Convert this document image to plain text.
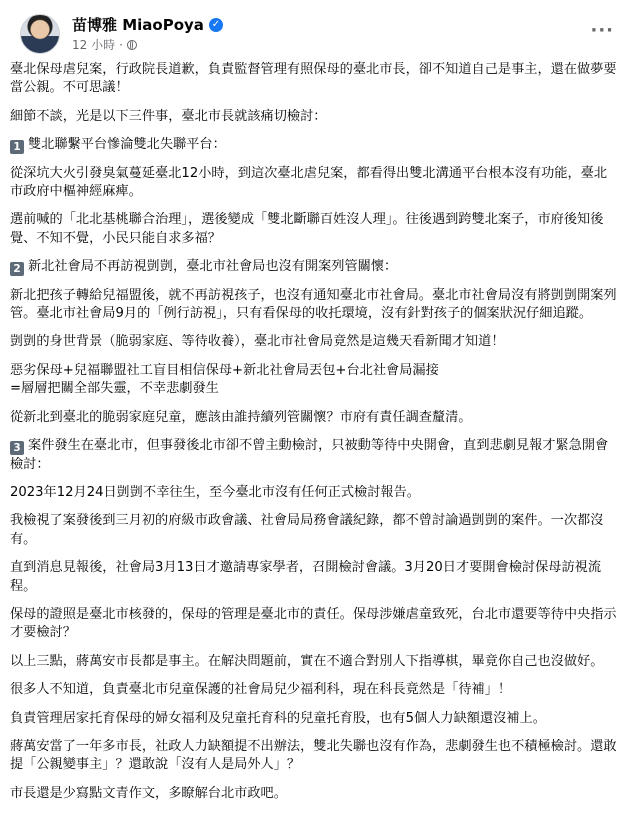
苗博雅 MiaoPoya ✓
12 小時 ·
···
臺北保母虐兒案，行政院長道歉，負責監督管理有照保母的臺北市長，卻不知道自己是事主，還在做夢要當公親。不可思議！
細節不談，光是以下三件事，臺北市長就該痛切檢討：
1 雙北聯繫平台慘淪雙北失聯平台：
從深坑大火引發臭氣蔓延臺北12小時，到這次臺北虐兒案，都看得出雙北溝通平台根本沒有功能，臺北市政府中樞神經麻痺。
選前喊的「北北基桃聯合治理」，選後變成「雙北斷聯百姓沒人理」。往後遇到跨雙北案子，市府後知後覺、不知不覺，小民只能自求多福？
2 新北社會局不再訪視剴剴，臺北市社會局也沒有開案列管關懷：
新北把孩子轉給兒福盟後，就不再訪視孩子，也沒有通知臺北市社會局。臺北市社會局沒有將剴剴開案列管。臺北市社會局9月的「例行訪視」，只有看保母的收托環境，沒有針對孩子的個案狀況仔細追蹤。
剴剴的身世背景（脆弱家庭、等待收養），臺北市社會局竟然是這幾天看新聞才知道！
惡劣保母+兒福聯盟社工盲目相信保母+新北社會局丟包+台北社會局漏接
=層層把關全部失靈，不幸悲劇發生
從新北到臺北的脆弱家庭兒童，應該由誰持續列管關懷？市府有責任調查釐清。
3 案件發生在臺北市，但事發後北市卻不曾主動檢討，只被動等待中央開會，直到悲劇見報才緊急開會檢討：
2023年12月24日剴剴不幸往生，至今臺北市沒有任何正式檢討報告。
我檢視了案發後到三月初的府級市政會議、社會局局務會議紀錄，都不曾討論過剴剴的案件。一次都沒有。
直到消息見報後，社會局3月13日才邀請專家學者，召開檢討會議。3月20日才要開會檢討保母訪視流程。
保母的證照是臺北市核發的，保母的管理是臺北市的責任。保母涉嫌虐童致死，台北市還要等待中央指示才要檢討？
以上三點，蔣萬安市長都是事主。在解決問題前，實在不適合對別人下指導棋，畢竟你自己也沒做好。
很多人不知道，負責臺北市兒童保護的社會局兒少福利科，現在科長竟然是「待補」！
負責管理居家托育保母的婦女福利及兒童托育科的兒童托育股，也有5個人力缺額還沒補上。
蔣萬安當了一年多市長，社政人力缺額提不出辦法，雙北失聯也沒有作為，悲劇發生也不積極檢討。還敢提「公親變事主」？還敢說「沒有人是局外人」？
市長還是少寫點文青作文，多瞭解台北市政吧。
